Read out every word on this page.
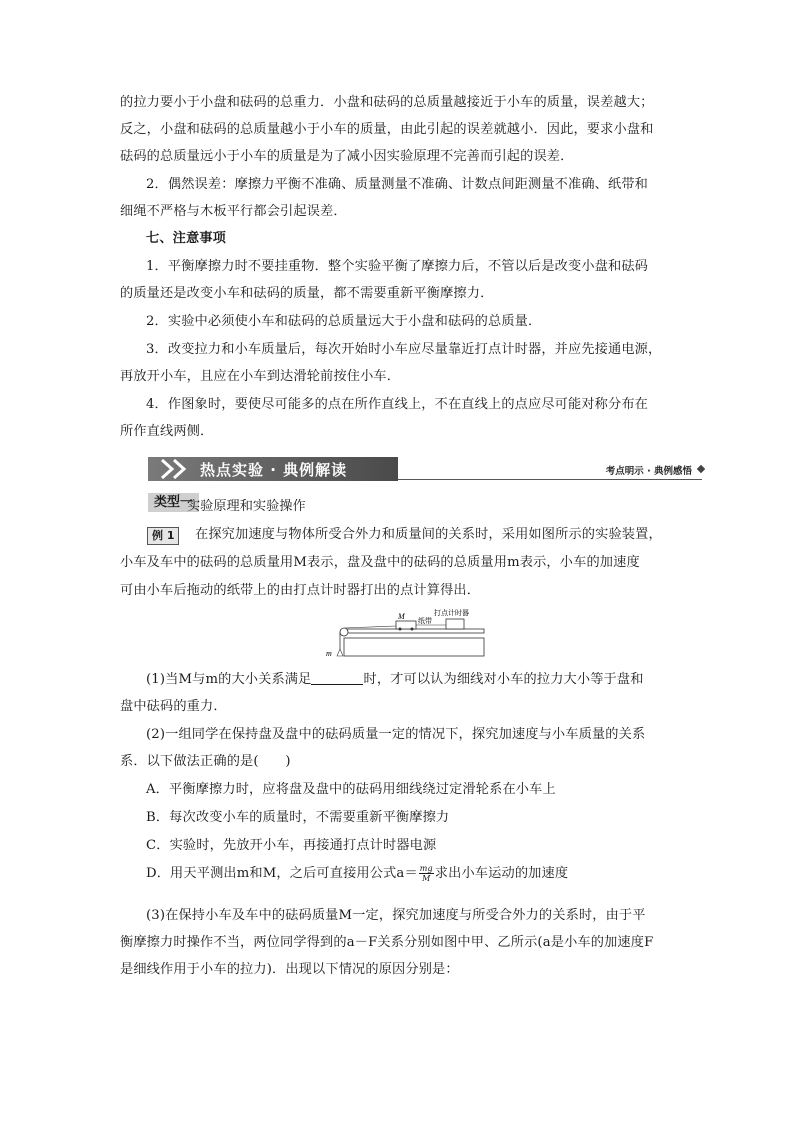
的拉力要小于小盘和砝码的总重力．小盘和砝码的总质量越接近于小车的质量，误差越大；
反之，小盘和砝码的总质量越小于小车的质量，由此引起的误差就越小．因此，要求小盘和
砝码的总质量远小于小车的质量是为了减小因实验原理不完善而引起的误差．
2．偶然误差：摩擦力平衡不准确、质量测量不准确、计数点间距测量不准确、纸带和
细绳不严格与木板平行都会引起误差．
七、注意事项
1．平衡摩擦力时不要挂重物．整个实验平衡了摩擦力后，不管以后是改变小盘和砝码
的质量还是改变小车和砝码的质量，都不需要重新平衡摩擦力．
2．实验中必须使小车和砝码的总质量远大于小盘和砝码的总质量．
3．改变拉力和小车质量后，每次开始时小车应尽量靠近打点计时器，并应先接通电源，
再放开小车，且应在小车到达滑轮前按住小车．
4．作图象时，要使尽可能多的点在所作直线上，不在直线上的点应尽可能对称分布在
所作直线两侧．
热点实验 · 典例解读	考点明示 · 典例感悟
类型一
实验原理和实验操作
例 1	在探究加速度与物体所受合外力和质量间的关系时，采用如图所示的实验装置，
小车及车中的砝码的总质量用M表示，盘及盘中的砝码的总质量用m表示，小车的加速度
可由小车后拖动的纸带上的由打点计时器打出的点计算得出．
M 纸带
打点计时器
m
(1)当M与m的大小关系满足	时，才可以认为细线对小车的拉力大小等于盘和
盘中砝码的重力．
(2)一组同学在保持盘及盘中的砝码质量一定的情况下，探究加速度与小车质量的关系
系．以下做法正确的是(　　)
A．平衡摩擦力时，应将盘及盘中的砝码用细线绕过定滑轮系在小车上
B．每次改变小车的质量时，不需要重新平衡摩擦力
C．实验时，先放开小车，再接通打点计时器电源
D．用天平测出m和M，之后可直接用公式$a= \frac{mg}{M}$ 求出小车运动的加速度
(3)在保持小车及车中的砝码质量M一定，探究加速度与所受合外力的关系时，由于平
衡摩擦力时操作不当，两位同学得到的a－F关系分别如图中甲、乙所示(a是小车的加速度F
是细线作用于小车的拉力)．出现以下情况的原因分别是：
